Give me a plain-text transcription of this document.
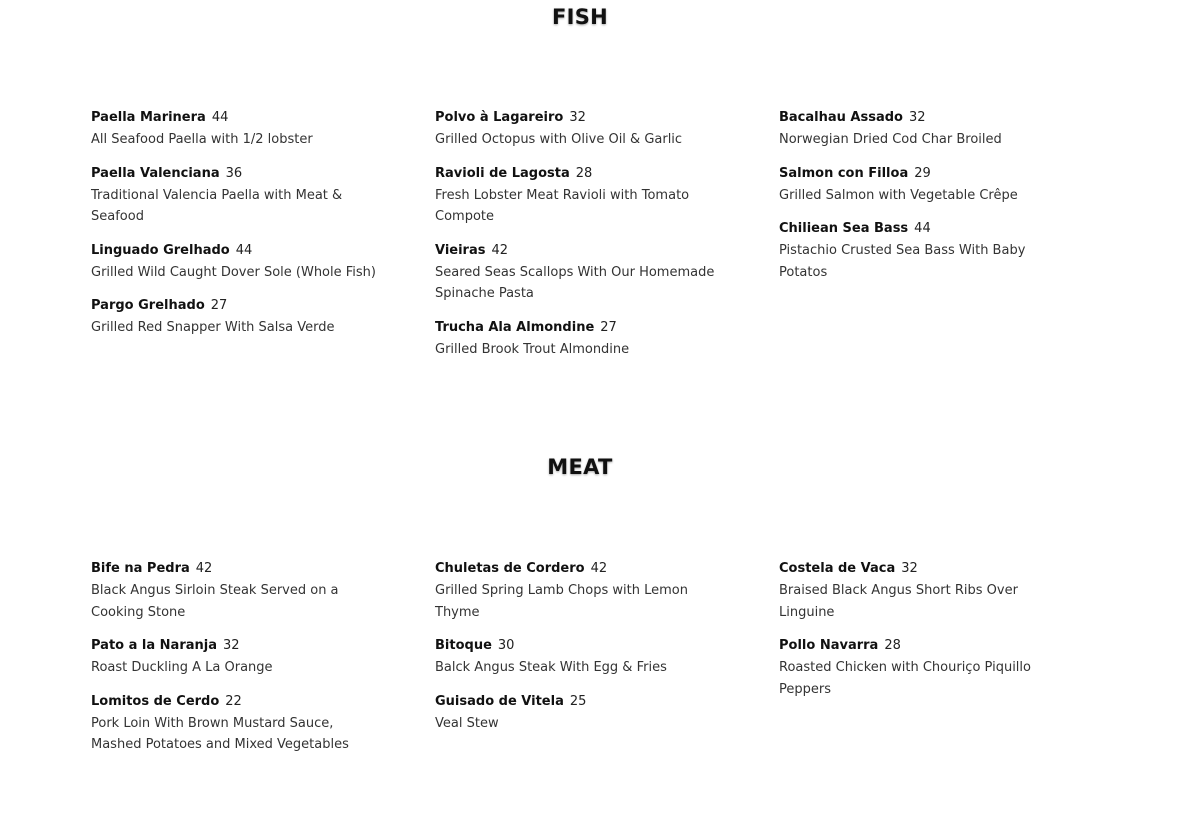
FISH
Paella Marinera 44
All Seafood Paella with 1/2 lobster
Paella Valenciana 36
Traditional Valencia Paella with Meat & Seafood
Linguado Grelhado 44
Grilled Wild Caught Dover Sole (Whole Fish)
Pargo Grelhado 27
Grilled Red Snapper With Salsa Verde
Polvo à Lagareiro 32
Grilled Octopus with Olive Oil & Garlic
Ravioli de Lagosta 28
Fresh Lobster Meat Ravioli with Tomato Compote
Vieiras 42
Seared Seas Scallops With Our Homemade Spinache Pasta
Trucha Ala Almondine 27
Grilled Brook Trout Almondine
Bacalhau Assado 32
Norwegian Dried Cod Char Broiled
Salmon con Filloa 29
Grilled Salmon with Vegetable Crêpe
Chiliean Sea Bass 44
Pistachio Crusted Sea Bass With Baby Potatos
MEAT
Bife na Pedra 42
Black Angus Sirloin Steak Served on a Cooking Stone
Pato a la Naranja 32
Roast Duckling A La Orange
Lomitos de Cerdo 22
Pork Loin With Brown Mustard Sauce, Mashed Potatoes and Mixed Vegetables
Chuletas de Cordero 42
Grilled Spring Lamb Chops with Lemon Thyme
Bitoque 30
Balck Angus Steak With Egg & Fries
Guisado de Vitela 25
Veal Stew
Costela de Vaca 32
Braised Black Angus Short Ribs Over Linguine
Pollo Navarra 28
Roasted Chicken with Chouriço Piquillo Peppers
